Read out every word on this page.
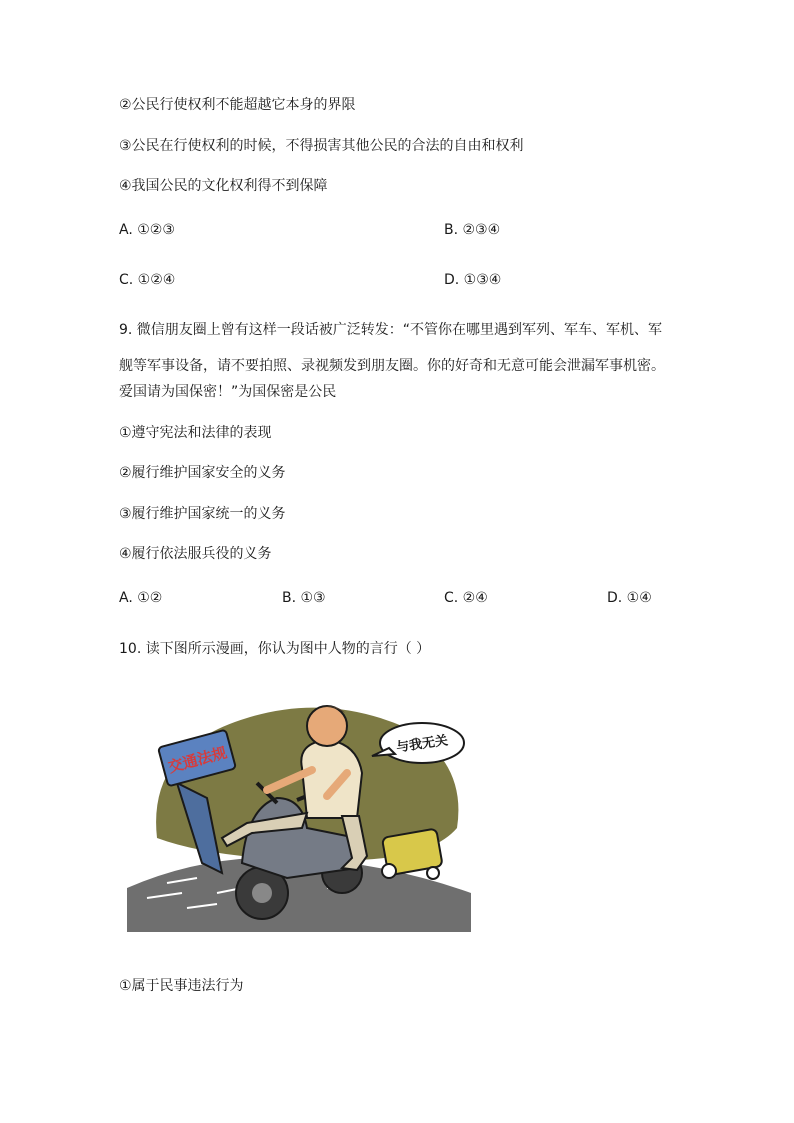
②公民行使权利不能超越它本身的界限
③公民在行使权利的时候，不得损害其他公民的合法的自由和权利
④我国公民的文化权利得不到保障
A. ①②③	B. ②③④
C. ①②④	D. ①③④
9. 微信朋友圈上曾有这样一段话被广泛转发：“不管你在哪里遇到军列、军车、军机、军
舰等军事设备，请不要拍照、录视频发到朋友圈。你的好奇和无意可能会泄漏军事机密。
爱国请为国保密！”为国保密是公民
①遵守宪法和法律的表现
②履行维护国家安全的义务
③履行维护国家统一的义务
④履行依法服兵役的义务
A. ①②	B. ①③	C. ②④	D. ①④
10. 读下图所示漫画，你认为图中人物的言行（ ）
交通法规	与我无关
①属于民事违法行为
